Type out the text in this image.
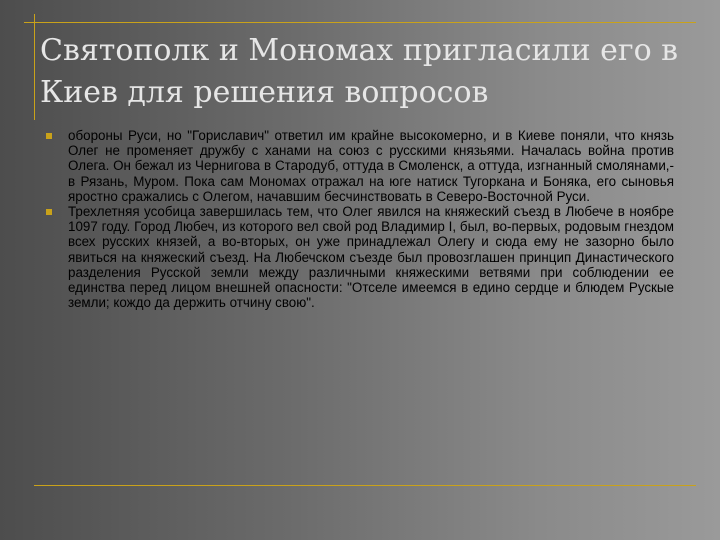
Святополк и Мономах пригласили его в Киев для решения вопросов
обороны Руси, но "Гориславич" ответил им крайне высокомерно, и в Киеве поняли, что князь Олег не променяет дружбу с ханами на союз с русскими князьями. Началась война против Олега. Он бежал из Чернигова в Стародуб, оттуда в Смоленск, а оттуда, изгнанный смолянами,- в Рязань, Муром. Пока сам Мономах отражал на юге натиск Тугоркана и Боняка, его сыновья яростно сражались с Олегом, начавшим бесчинствовать в Северо-Восточной Руси.
Трехлетняя усобица завершилась тем, что Олег явился на княжеский съезд в Любече в ноябре 1097 году. Город Любеч, из которого вел свой род Владимир I, был, во-первых, родовым гнездом всех русских князей, а во-вторых, он уже принадлежал Олегу и сюда ему не зазорно было явиться на княжеский съезд. На Любечском съезде был провозглашен принцип Династического разделения Русской земли между различными княжескими ветвями при соблюдении ее единства перед лицом внешней опасности: "Отселе имеемся в едино сердце и блюдем Рускые земли; кождо да держить отчину свою".
